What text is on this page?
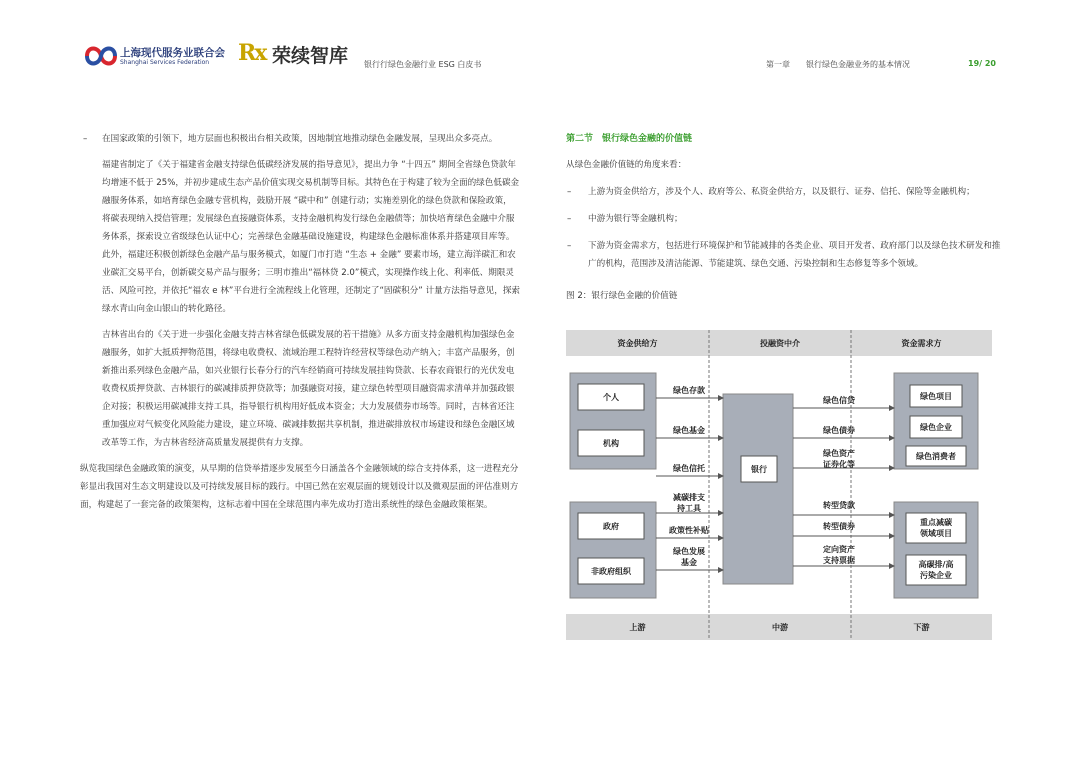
上海现代服务业联合会
Shanghai Services Federation Rx 荣续智库 银行行绿色金融行业 ESG 白皮书	第一章 银行绿色金融业务的基本情况	19/ 20

– 在国家政策的引领下，地方层面也积极出台相关政策，因地制宜地推动绿色金融发展，呈现出众多亮点。

福建省制定了《关于福建省金融支持绿色低碳经济发展的指导意见》，提出力争 “十四五” 期间全省绿色贷款年均增速不低于 25%，并初步建成生态产品价值实现交易机制等目标。其特色在于构建了较为全面的绿色低碳金融服务体系，如培育绿色金融专营机构，鼓励开展 “碳中和” 创建行动；实施差别化的绿色贷款和保险政策，将碳表现纳入授信管理；发展绿色直接融资体系，支持金融机构发行绿色金融债等；加快培育绿色金融中介服务体系，探索设立省级绿色认证中心；完善绿色金融基础设施建设，构建绿色金融标准体系并搭建项目库等。此外，福建还积极创新绿色金融产品与服务模式，如厦门市打造 “生态 + 金融” 要素市场，建立海洋碳汇和农业碳汇交易平台，创新碳交易产品与服务；三明市推出“福林贷 2.0”模式，实现操作线上化、利率低、期限灵活、风险可控，并依托“福农 e 林”平台进行全流程线上化管理，还制定了“固碳积分” 计量方法指导意见，探索绿水青山向金山银山的转化路径。

吉林省出台的《关于进一步强化金融支持吉林省绿色低碳发展的若干措施》从多方面支持金融机构加强绿色金融服务，如扩大抵质押物范围，将绿电收费权、流域治理工程特许经营权等绿色动产纳入；丰富产品服务，创新推出系列绿色金融产品，如兴业银行长春分行的汽车经销商可持续发展挂钩贷款、长春农商银行的光伏发电收费权质押贷款、吉林银行的碳减排质押贷款等；加强融资对接，建立绿色转型项目融资需求清单并加强政银企对接；积极运用碳减排支持工具，指导银行机构用好低成本资金；大力发展债券市场等。同时，吉林省还注重加强应对气候变化风险能力建设，建立环境、碳减排数据共享机制，推进碳排放权市场建设和绿色金融区域改革等工作，为吉林省经济高质量发展提供有力支撑。

纵览我国绿色金融政策的演变，从早期的信贷举措逐步发展至今日涵盖各个金融领域的综合支持体系，这一进程充分彰显出我国对生态文明建设以及可持续发展目标的践行。中国已然在宏观层面的规划设计以及微观层面的评估准则方面，构建起了一套完备的政策架构，这标志着中国在全球范围内率先成功打造出系统性的绿色金融政策框架。

第二节　银行绿色金融的价值链
从绿色金融价值链的角度来看：
– 上游为资金供给方，涉及个人、政府等公、私资金供给方，以及银行、证券、信托、保险等金融机构；
– 中游为银行等金融机构；
– 下游为资金需求方，包括进行环境保护和节能减排的各类企业、项目开发者、政府部门以及绿色技术研发和推广的机构，范围涉及清洁能源、节能建筑、绿色交通、污染控制和生态修复等多个领域。
图 2：银行绿色金融的价值链
资金供给方	投融资中介	资金需求方
个人
机构
政府
非政府组织
绿色存款
绿色基金
绿色信托
减碳排支
持工具
政策性补贴
绿色发展
基金
银行
绿色信贷
绿色债券
绿色资产
证券化等
转型贷款
转型债券
定向资产
支持票据
绿色项目
绿色企业
绿色消费者
重点减碳
领域项目
高碳排/高
污染企业
上游	中游	下游
